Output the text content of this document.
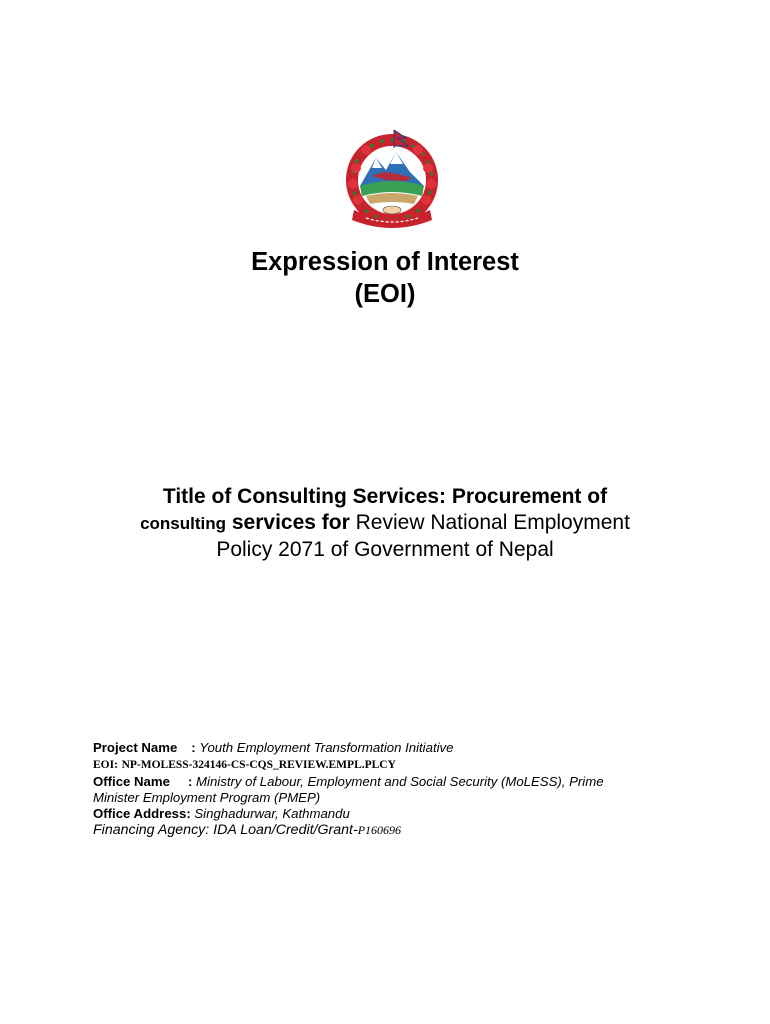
Expression of Interest
(EOI)
Title of Consulting Services: Procurement of
consulting services for Review National Employment
Policy 2071 of Government of Nepal
Project Name : Youth Employment Transformation Initiative
EOI: NP-MOLESS-324146-CS-CQS_REVIEW.EMPL.PLCY
Office Name : Ministry of Labour, Employment and Social Security (MoLESS), Prime
Minister Employment Program (PMEP)
Office Address: Singhadurwar, Kathmandu
Financing Agency: IDA Loan/Credit/Grant-P160696
